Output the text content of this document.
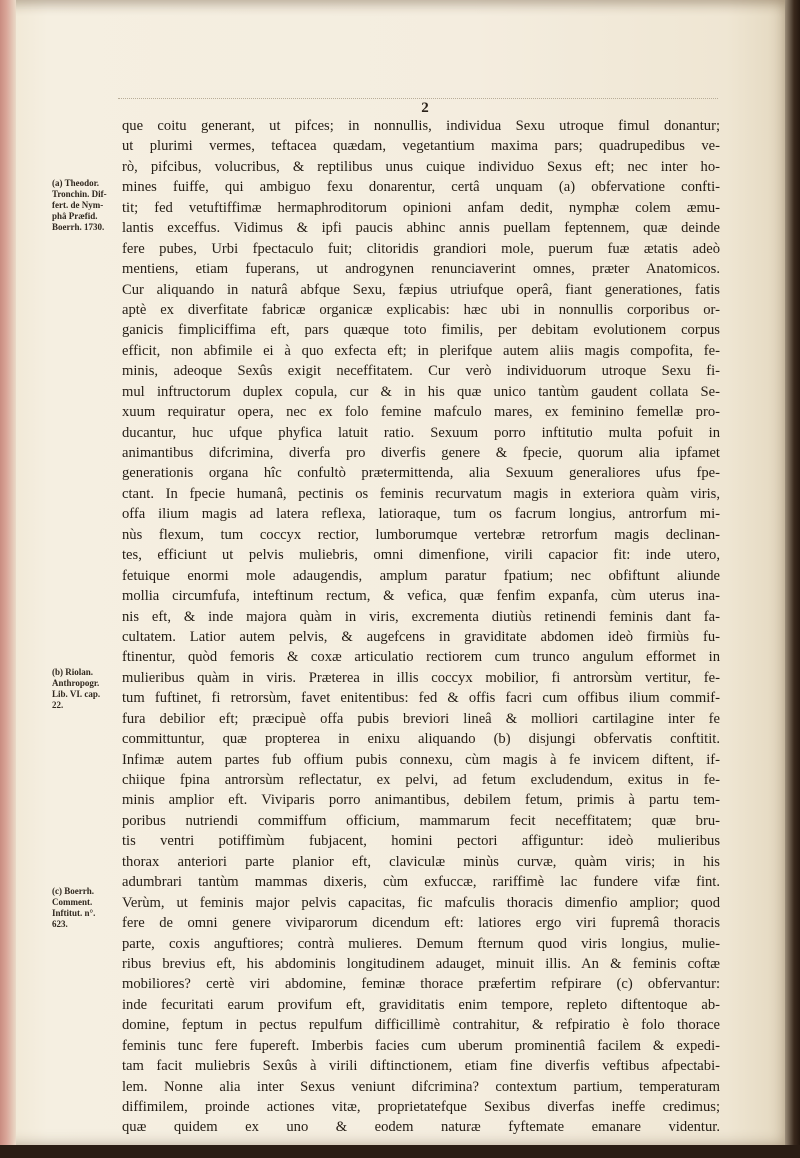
2
(a) Theodor.
Tronchin. Dif-
fert. de Nym-
phâ Præfid.
Boerrh. 1730.
(b) Riolan.
Anthropogr.
Lib. VI. cap.
22.
(c) Boerrh.
Comment.
Inftitut. n°.
623.
que coitu generant, ut pifces; in nonnullis, individua Sexu utroque fimul donantur;
ut plurimi vermes, teftacea quædam, vegetantium maxima pars; quadrupedibus ve-
rò, pifcibus, volucribus, & reptilibus unus cuique individuo Sexus eft; nec inter ho-
mines fuiffe, qui ambiguo fexu donarentur, certâ unquam (a) obfervatione confti-
tit; fed vetuftiffimæ hermaphroditorum opinioni anfam dedit, nymphæ colem æmu-
lantis exceffus. Vidimus & ipfi paucis abhinc annis puellam feptennem, quæ deinde
fere pubes, Urbi fpectaculo fuit; clitoridis grandiori mole, puerum fuæ ætatis adeò
mentiens, etiam fuperans, ut androgynen renunciaverint omnes, præter Anatomicos.
Cur aliquando in naturâ abfque Sexu, fæpius utriufque operâ, fiant generationes, fatis
aptè ex diverfitate fabricæ organicæ explicabis: hæc ubi in nonnullis corporibus or-
ganicis fimpliciffima eft, pars quæque toto fimilis, per debitam evolutionem corpus
efficit, non abfimile ei à quo exfecta eft; in plerifque autem aliis magis compofita, fe-
minis, adeoque Sexûs exigit neceffitatem. Cur verò individuorum utroque Sexu fi-
mul inftructorum duplex copula, cur & in his quæ unico tantùm gaudent collata Se-
xuum requiratur opera, nec ex folo femine mafculo mares, ex feminino femellæ pro-
ducantur, huc ufque phyfica latuit ratio. Sexuum porro inftitutio multa pofuit in
animantibus difcrimina, diverfa pro diverfis genere & fpecie, quorum alia ipfamet
generationis organa hîc confultò prætermittenda, alia Sexuum generaliores ufus fpe-
ctant. In fpecie humanâ, pectinis os feminis recurvatum magis in exteriora quàm viris,
offa ilium magis ad latera reflexa, latioraque, tum os facrum longius, antrorfum mi-
nùs flexum, tum coccyx rectior, lumborumque vertebræ retrorfum magis declinan-
tes, efficiunt ut pelvis muliebris, omni dimenfione, virili capacior fit: inde utero,
fetuique enormi mole adaugendis, amplum paratur fpatium; nec obfiftunt aliunde
mollia circumfufa, inteftinum rectum, & vefica, quæ fenfim expanfa, cùm uterus ina-
nis eft, & inde majora quàm in viris, excrementa diutiùs retinendi feminis dant fa-
cultatem. Latior autem pelvis, & augefcens in graviditate abdomen ideò firmiùs fu-
ftinentur, quòd femoris & coxæ articulatio rectiorem cum trunco angulum efformet in
mulieribus quàm in viris. Præterea in illis coccyx mobilior, fi antrorsùm vertitur, fe-
tum fuftinet, fi retrorsùm, favet enitentibus: fed & offis facri cum offibus ilium commif-
fura debilior eft; præcipuè offa pubis breviori lineâ & molliori cartilagine inter fe
committuntur, quæ propterea in enixu aliquando (b) disjungi obfervatis conftitit.
Infimæ autem partes fub offium pubis connexu, cùm magis à fe invicem diftent, if-
chiique fpina antrorsùm reflectatur, ex pelvi, ad fetum excludendum, exitus in fe-
minis amplior eft. Viviparis porro animantibus, debilem fetum, primis à partu tem-
poribus nutriendi commiffum officium, mammarum fecit neceffitatem; quæ bru-
tis ventri potiffimùm fubjacent, homini pectori affiguntur: ideò mulieribus
thorax anteriori parte planior eft, claviculæ minùs curvæ, quàm viris; in his
adumbrari tantùm mammas dixeris, cùm exfuccæ, rariffimè lac fundere vifæ fint.
Verùm, ut feminis major pelvis capacitas, fic mafculis thoracis dimenfio amplior; quod
fere de omni genere viviparorum dicendum eft: latiores ergo viri fupremâ thoracis
parte, coxis anguftiores; contrà mulieres. Demum fternum quod viris longius, mulie-
ribus brevius eft, his abdominis longitudinem adauget, minuit illis. An & feminis coftæ
mobiliores? certè viri abdomine, feminæ thorace præfertim refpirare (c) obfervantur:
inde fecuritati earum provifum eft, graviditatis enim tempore, repleto diftentoque ab-
domine, feptum in pectus repulfum difficillimè contrahitur, & refpiratio è folo thorace
feminis tunc fere fupereft. Imberbis facies cum uberum prominentiâ facilem & expedi-
tam facit muliebris Sexûs à virili diftinctionem, etiam fine diverfis veftibus afpectabi-
lem. Nonne alia inter Sexus veniunt difcrimina? contextum partium, temperaturam
diffimilem, proinde actiones vitæ, proprietatefque Sexibus diverfas ineffe credimus;
quæ quidem ex uno & eodem naturæ fyftemate emanare videntur.
